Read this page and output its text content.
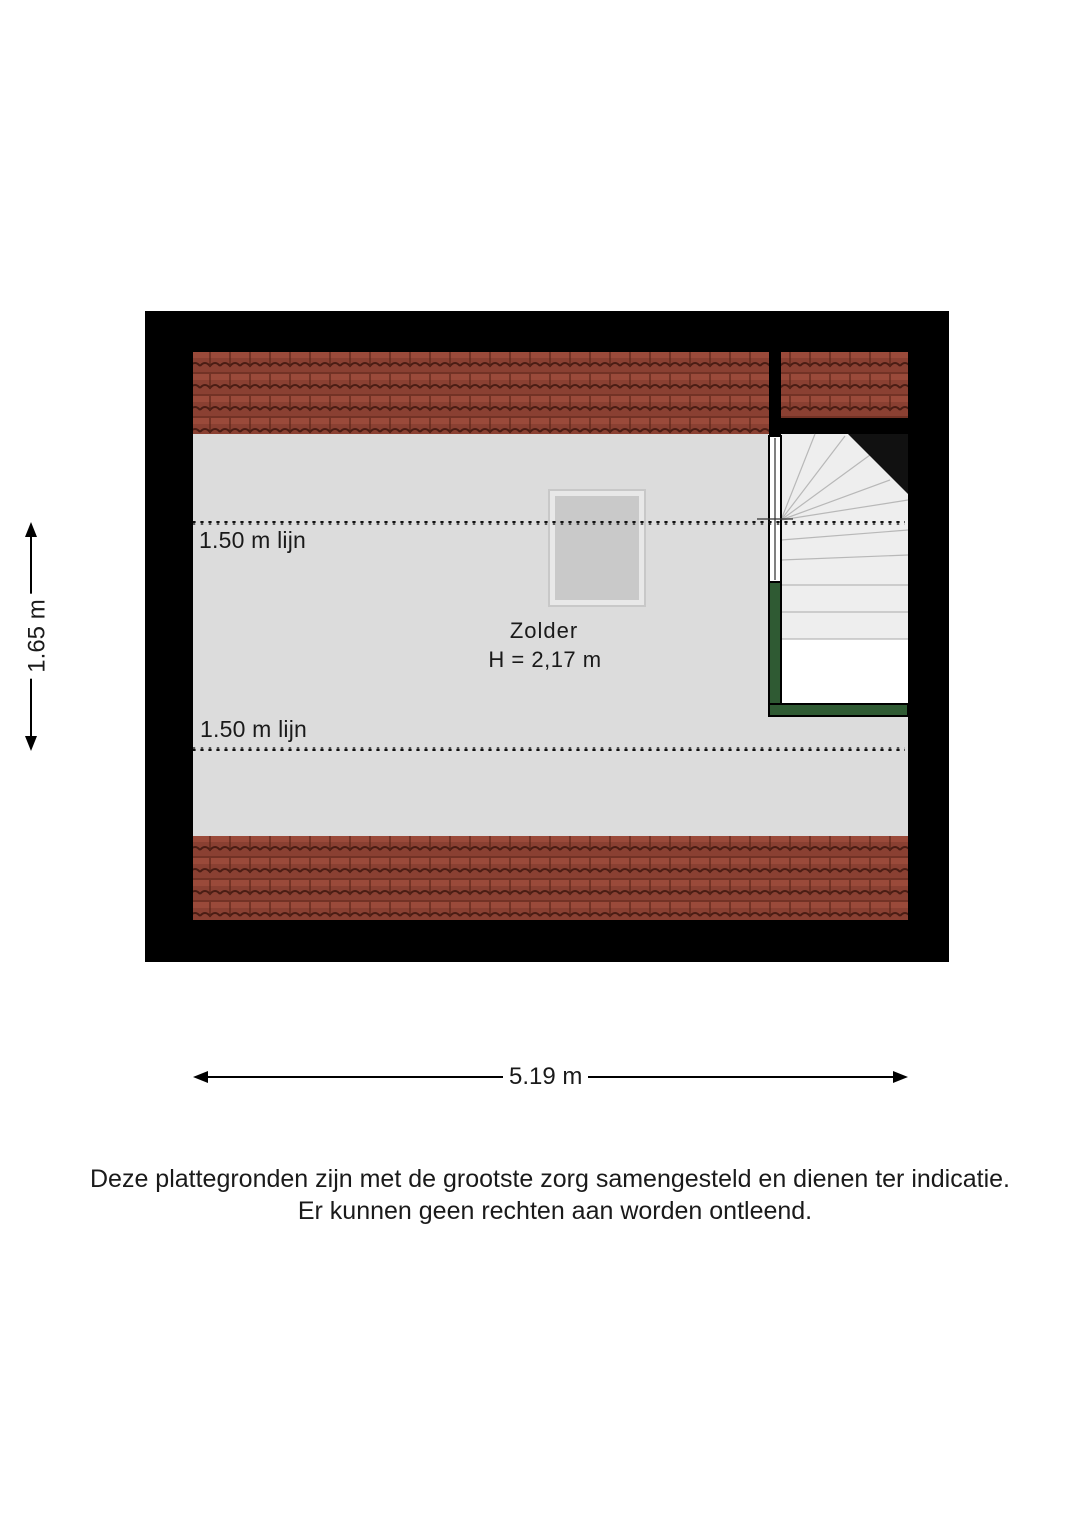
1.50 m lijn
1.50 m lijn
Zolder
H = 2,17 m
5.19 m
1.65 m
Deze plattegronden zijn met de grootste zorg samengesteld en dienen ter indicatie.
Er kunnen geen rechten aan worden ontleend.
